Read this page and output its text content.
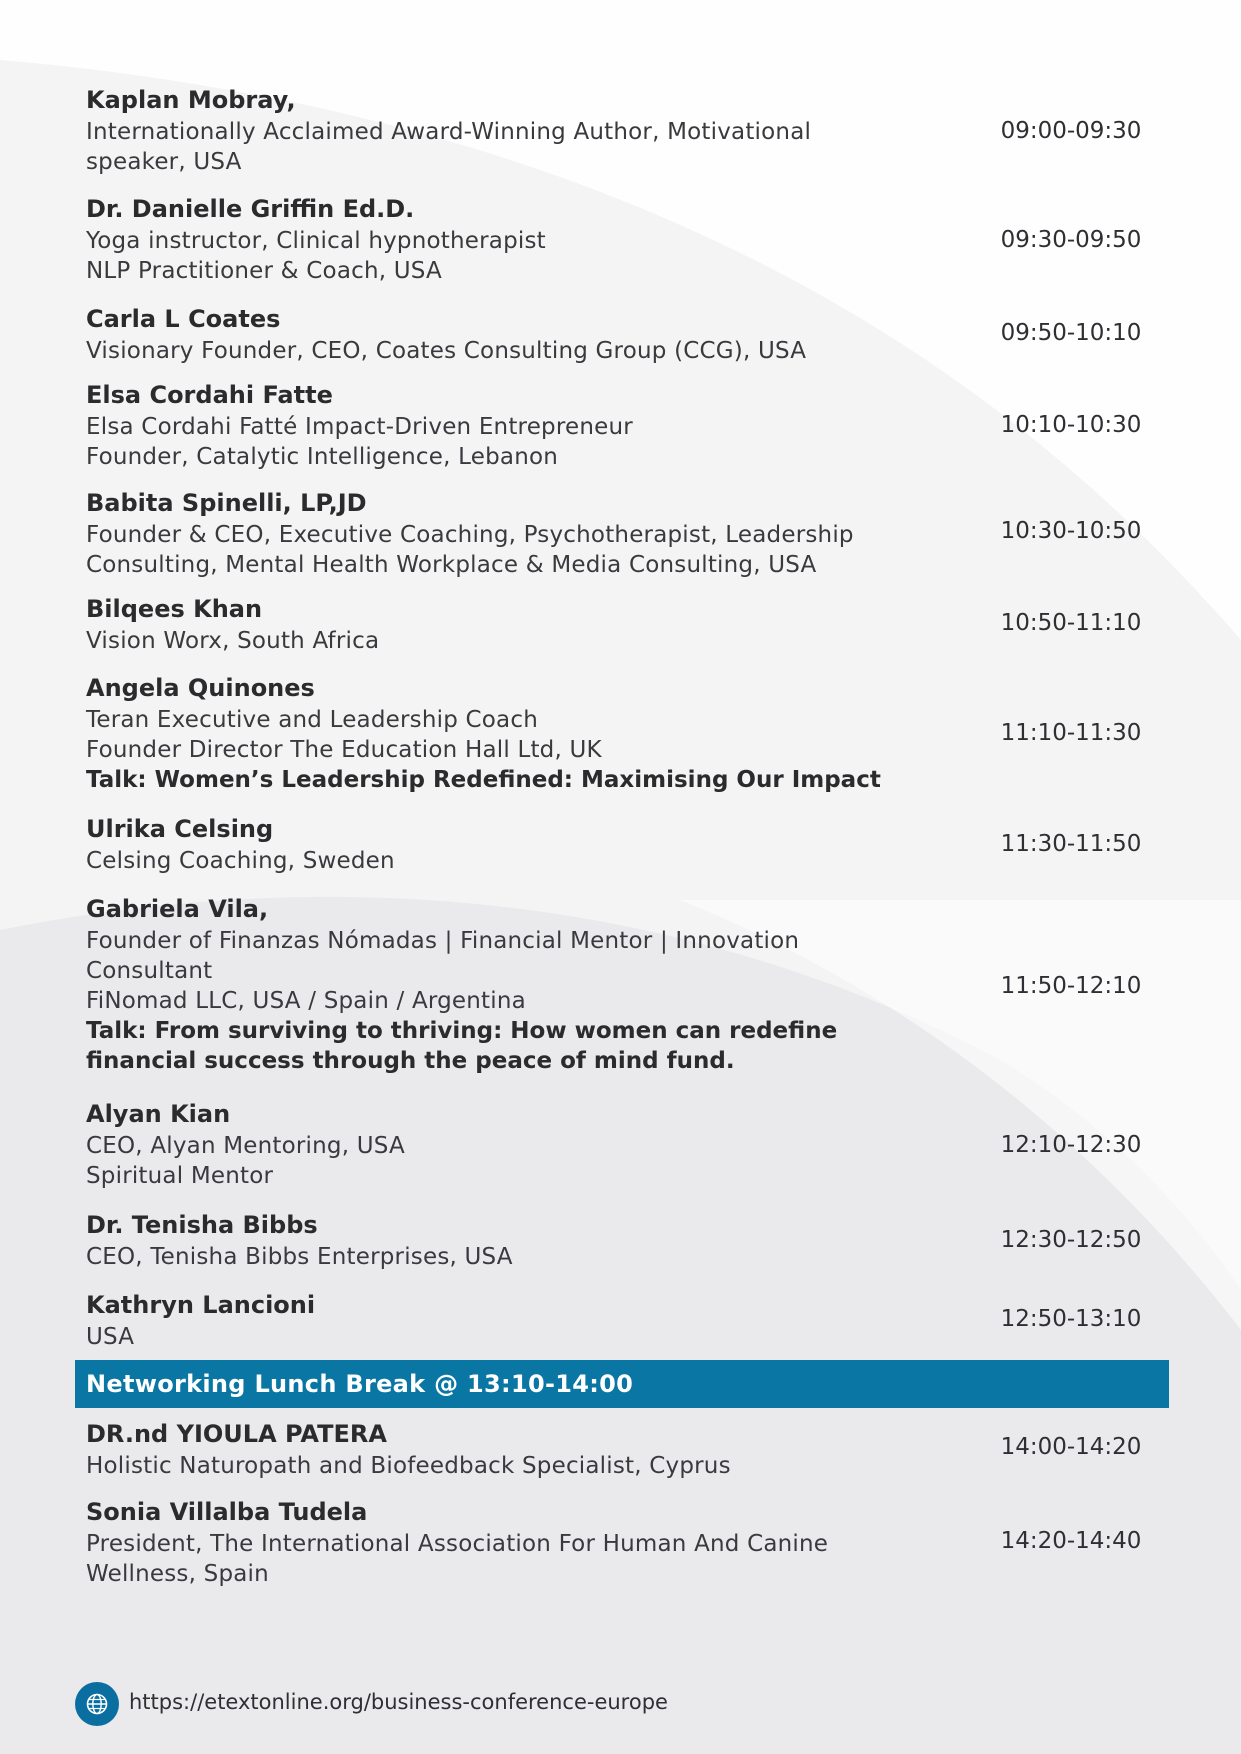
Kaplan Mobray,
Internationally Acclaimed Award-Winning Author, Motivational speaker, USA
09:00-09:30
Dr. Danielle Griffin Ed.D.
Yoga instructor, Clinical hypnotherapist
NLP Practitioner & Coach, USA
09:30-09:50
Carla L Coates
Visionary Founder, CEO, Coates Consulting Group (CCG), USA
09:50-10:10
Elsa Cordahi Fatte
Elsa Cordahi Fatté Impact-Driven Entrepreneur
Founder, Catalytic Intelligence, Lebanon
10:10-10:30
Babita Spinelli, LP,JD
Founder & CEO, Executive Coaching, Psychotherapist, Leadership Consulting, Mental Health Workplace & Media Consulting, USA
10:30-10:50
Bilqees Khan
Vision Worx, South Africa
10:50-11:10
Angela Quinones
Teran Executive and Leadership Coach
Founder Director The Education Hall Ltd, UK
Talk: Women’s Leadership Redefined: Maximising Our Impact
11:10-11:30
Ulrika Celsing
Celsing Coaching, Sweden
11:30-11:50
Gabriela Vila,
Founder of Finanzas Nómadas | Financial Mentor | Innovation Consultant
FiNomad LLC, USA / Spain / Argentina
Talk: From surviving to thriving: How women can redefine financial success through the peace of mind fund.
11:50-12:10
Alyan Kian
CEO, Alyan Mentoring, USA
Spiritual Mentor
12:10-12:30
Dr. Tenisha Bibbs
CEO, Tenisha Bibbs Enterprises, USA
12:30-12:50
Kathryn Lancioni
USA
12:50-13:10
Networking Lunch Break @ 13:10-14:00
DR.nd YIOULA PATERA
Holistic Naturopath and Biofeedback Specialist, Cyprus
14:00-14:20
Sonia Villalba Tudela
President, The International Association For Human And Canine Wellness, Spain
14:20-14:40
https://etextonline.org/business-conference-europe
